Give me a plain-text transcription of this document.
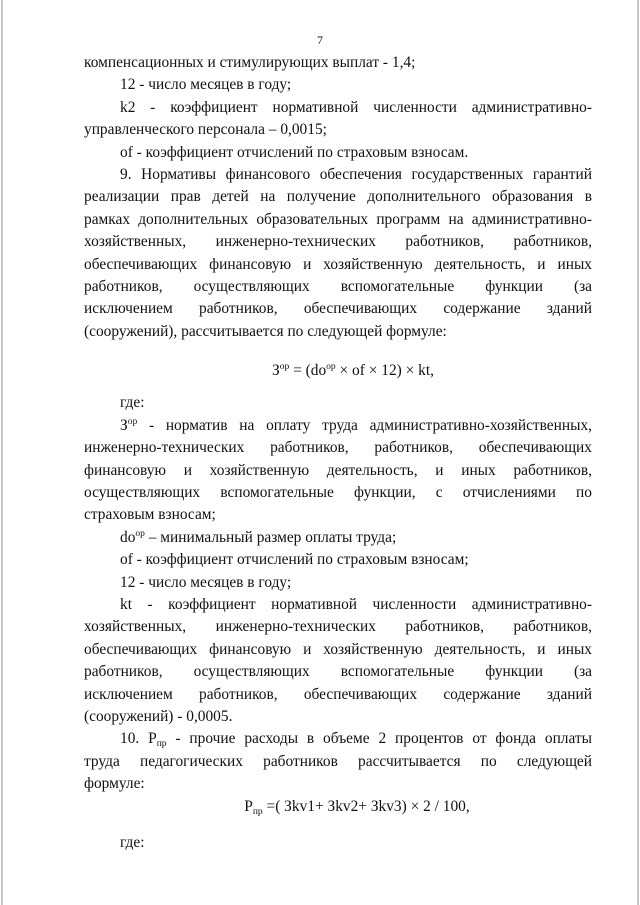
7
компенсационных и стимулирующих выплат - 1,4;
12 - число месяцев в году;
k2 - коэффициент нормативной численности административно-
управленческого персонала – 0,0015;
of - коэффициент отчислений по страховым взносам.
9. Нормативы финансового обеспечения государственных гарантий
реализации прав детей на получение дополнительного образования в
рамках дополнительных образовательных программ на административно-
хозяйственных, инженерно-технических работников, работников,
обеспечивающих финансовую и хозяйственную деятельность, и иных
работников, осуществляющих вспомогательные функции (за
исключением работников, обеспечивающих содержание зданий
(сооружений), рассчитывается по следующей формуле:
$З^{ор} = (do^{ор}$ × of × 12) × kt,
где:
$З^{ор}$ - норматив на оплату труда административно-хозяйственных,
инженерно-технических работников, работников, обеспечивающих
финансовую и хозяйственную деятельность, и иных работников,
осуществляющих вспомогательные функции, с отчислениями по
страховым взносам;
$do^{ор}$ – минимальный размер оплаты труда;
of - коэффициент отчислений по страховым взносам;
12 - число месяцев в году;
kt - коэффициент нормативной численности административно-
хозяйственных, инженерно-технических работников, работников,
обеспечивающих финансовую и хозяйственную деятельность, и иных
работников, осуществляющих вспомогательные функции (за
исключением работников, обеспечивающих содержание зданий
(сооружений) - 0,0005.
10. $Р_{пр}$ - прочие расходы в объеме 2 процентов от фонда оплаты
труда педагогических работников рассчитывается по следующей
формуле:
$Р_{пр}$ =( Зkv1+ Зkv2+ Зkv3) × 2 / 100,
где:
